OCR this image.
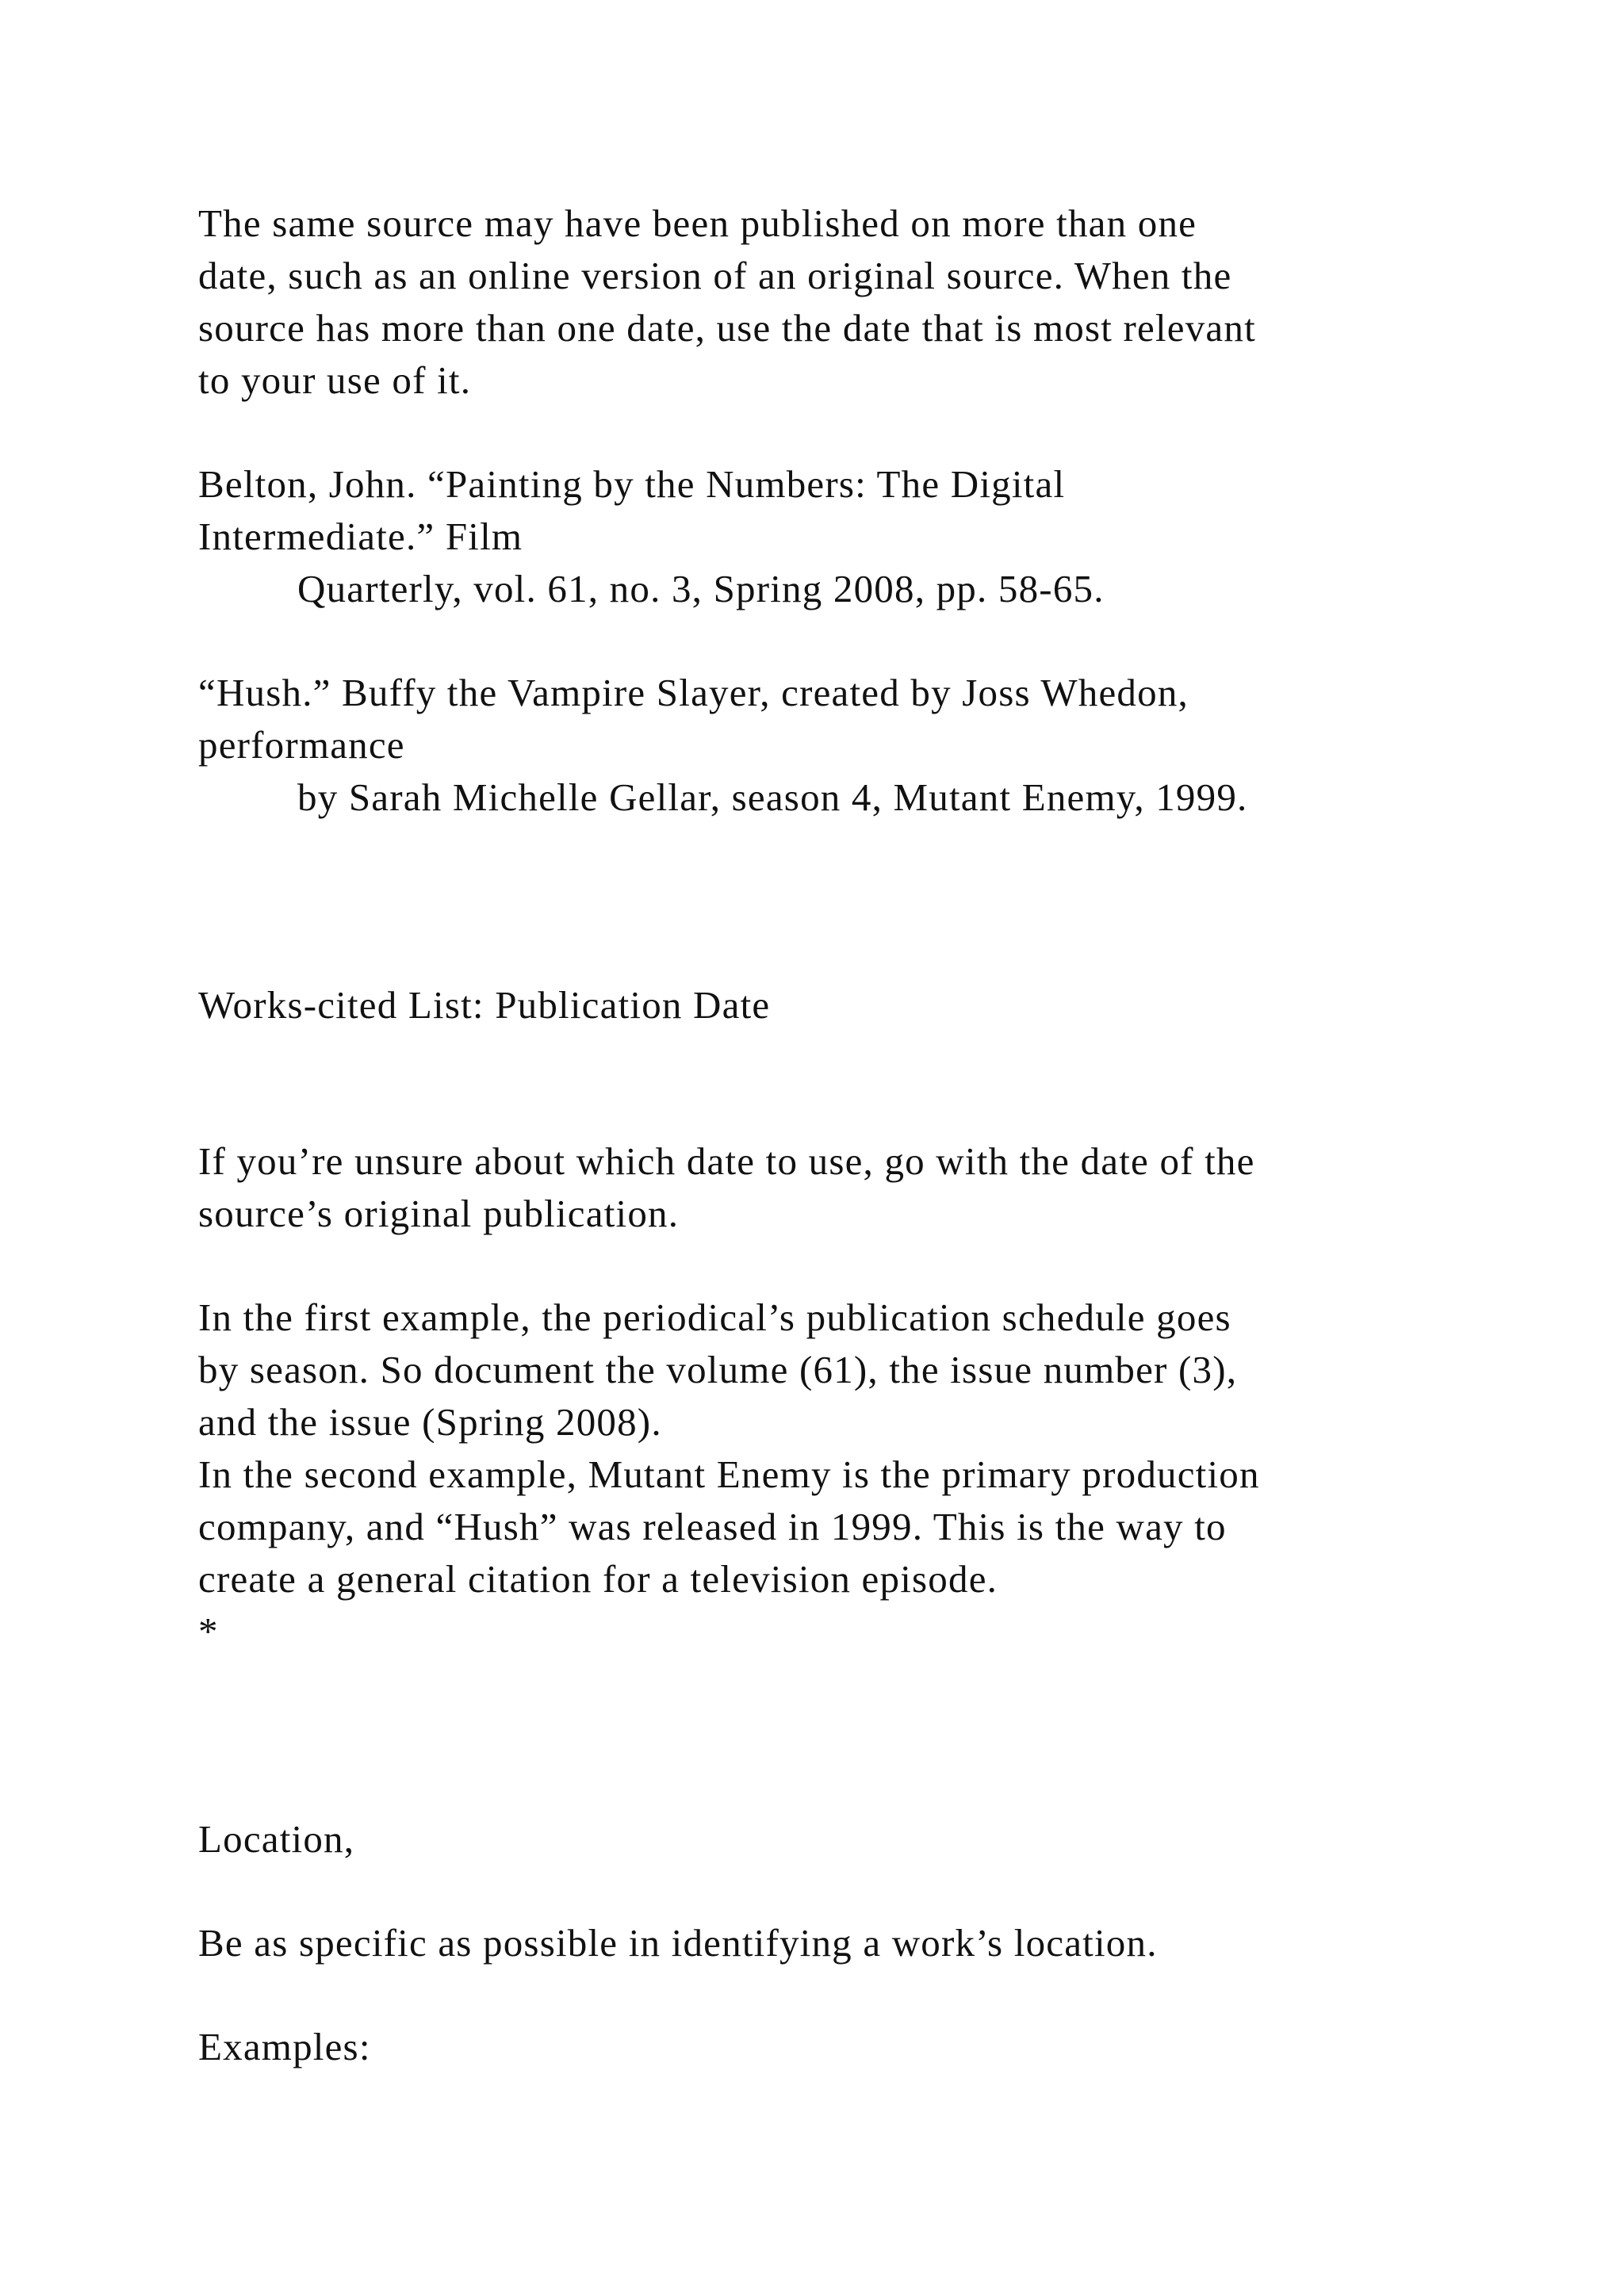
The same source may have been published on more than one

date, such as an online version of an original source. When the

source has more than one date, use the date that is most relevant

to your use of it.

Belton, John. “Painting by the Numbers: The Digital

Intermediate.” Film

Quarterly, vol. 61, no. 3, Spring 2008, pp. 58-65.

“Hush.” Buffy the Vampire Slayer, created by Joss Whedon,

performance

by Sarah Michelle Gellar, season 4, Mutant Enemy, 1999.

Works-cited List: Publication Date

If you’re unsure about which date to use, go with the date of the

source’s original publication.

In the first example, the periodical’s publication schedule goes

by season. So document the volume (61), the issue number (3),

and the issue (Spring 2008).

In the second example, Mutant Enemy is the primary production

company, and “Hush” was released in 1999. This is the way to

create a general citation for a television episode.

*

Location,

Be as specific as possible in identifying a work’s location.

Examples:
